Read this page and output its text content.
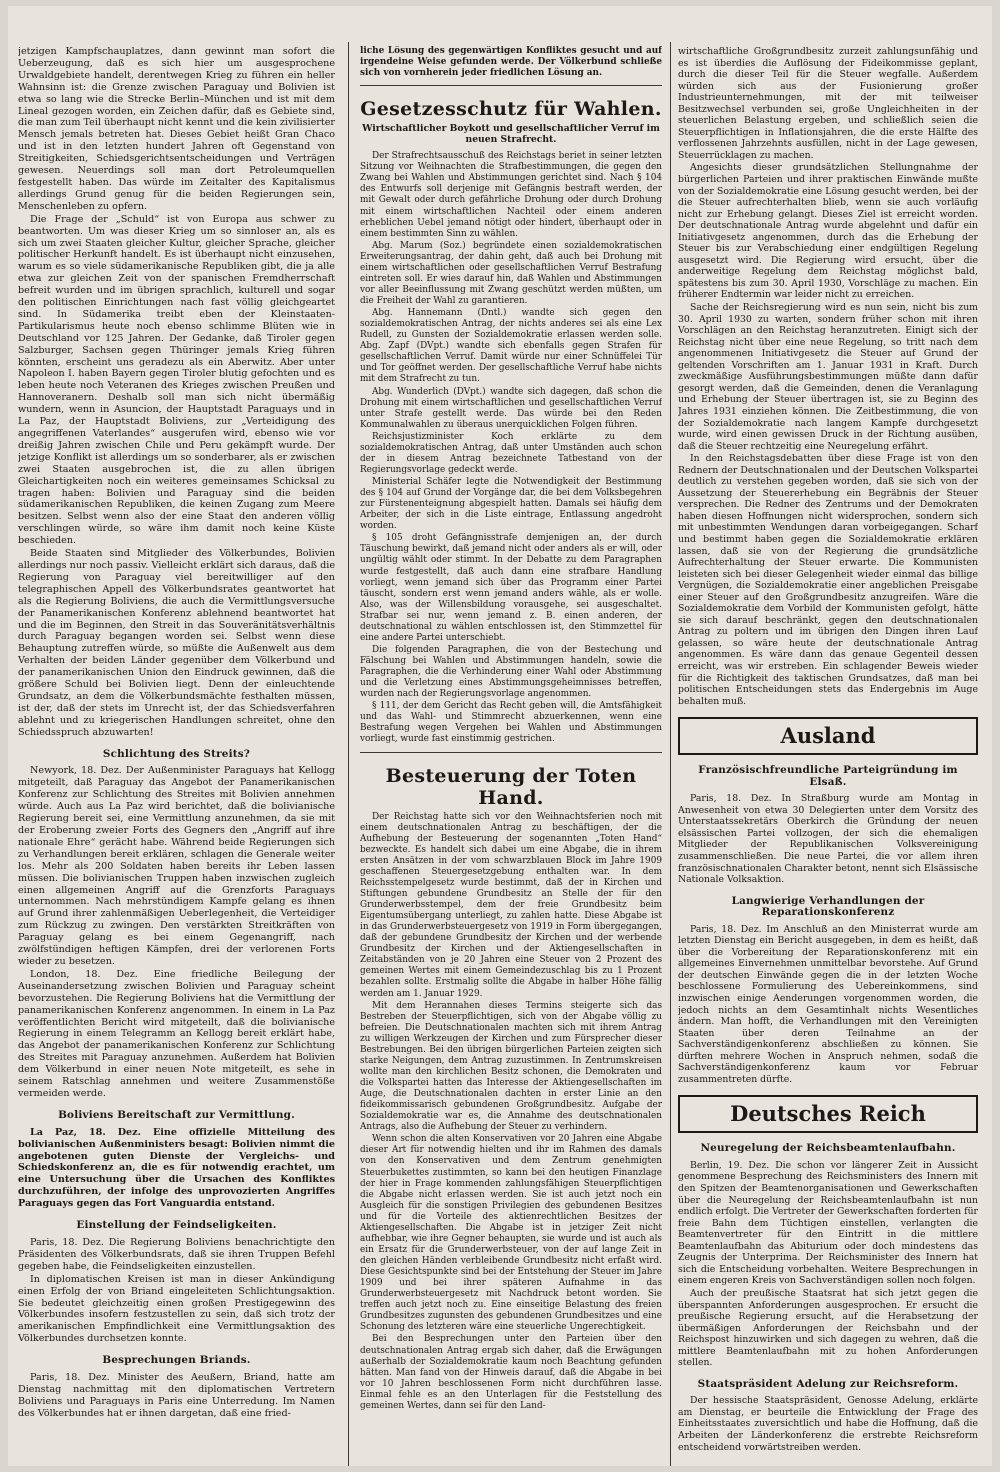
jetzigen Kampfschauplatzes, dann gewinnt man sofort die Ueberzeugung, daß es sich hier um ausgesprochene Urwaldgebiete handelt, derentwegen Krieg zu führen ein heller Wahnsinn ist: die Grenze zwischen Paraguay und Bolivien ist etwa so lang wie die Strecke Berlin–München und ist mit dem Lineal gezogen worden, ein Zeichen dafür, daß es Gebiete sind, die man zum Teil überhaupt nicht kennt und die kein zivilisierter Mensch jemals betreten hat. Dieses Gebiet heißt Gran Chaco und ist in den letzten hundert Jahren oft Gegenstand von Streitigkeiten, Schiedsgerichtsentscheidungen und Verträgen gewesen. Neuerdings soll man dort Petroleumquellen festgestellt haben. Das würde im Zeitalter des Kapitalismus allerdings Grund genug für die beiden Regierungen sein, Menschenleben zu opfern.

Die Frage der „Schuld“ ist von Europa aus schwer zu beantworten. Um was dieser Krieg um so sinnloser an, als es sich um zwei Staaten gleicher Kultur, gleicher Sprache, gleicher politischer Herkunft handelt. Es ist überhaupt nicht einzusehen, warum es so viele südamerikanische Republiken gibt, die ja alle etwa zur gleichen Zeit von der spanischen Fremdherrschaft befreit wurden und im übrigen sprachlich, kulturell und sogar den politischen Einrichtungen nach fast völlig gleichgeartet sind. In Südamerika treibt eben der Kleinstaaten-Partikularismus heute noch ebenso schlimme Blüten wie in Deutschland vor 125 Jahren. Der Gedanke, daß Tiroler gegen Salzburger, Sachsen gegen Thüringer jemals Krieg führen könnten, erscheint uns geradezu als ein Aberwitz. Aber unter Napoleon I. haben Bayern gegen Tiroler blutig gefochten und es leben heute noch Veteranen des Krieges zwischen Preußen und Hannoveranern. Deshalb soll man sich nicht übermäßig wundern, wenn in Asuncion, der Hauptstadt Paraguays und in La Paz, der Hauptstadt Boliviens, zur „Verteidigung des angegriffenen Vaterlandes“ ausgerufen wird, ebenso wie vor dreißig Jahren zwischen Chile und Peru gekämpft wurde. Der jetzige Konflikt ist allerdings um so sonderbarer, als er zwischen zwei Staaten ausgebrochen ist, die zu allen übrigen Gleichartigkeiten noch ein weiteres gemeinsames Schicksal zu tragen haben: Bolivien und Paraguay sind die beiden südamerikanischen Republiken, die keinen Zugang zum Meere besitzen. Selbst wenn also der eine Staat den anderen völlig verschlingen würde, so wäre ihm damit noch keine Küste beschieden.

Beide Staaten sind Mitglieder des Völkerbundes, Bolivien allerdings nur noch passiv. Vielleicht erklärt sich daraus, daß die Regierung von Paraguay viel bereitwilliger auf den telegraphischen Appell des Völkerbundsrates geantwortet hat als die Regierung Boliviens, die auch die Vermittlungsversuche der Panamerikanischen Konferenz ablehnend beantwortet hat und die im Beginnen, den Streit in das Souveränitätsverhältnis durch Paraguay begangen worden sei. Selbst wenn diese Behauptung zutreffen würde, so müßte die Außenwelt aus dem Verhalten der beiden Länder gegenüber dem Völkerbund und der panamerikanischen Union den Eindruck gewinnen, daß die größere Schuld bei Bolivien liegt. Denn der einleuchtende Grundsatz, an dem die Völkerbundsmächte festhalten müssen, ist der, daß der stets im Unrecht ist, der das Schiedsverfahren ablehnt und zu kriegerischen Handlungen schreitet, ohne den Schiedsspruch abzuwarten!

Schlichtung des Streits?

Newyork, 18. Dez. Der Außenminister Paraguays hat Kellogg mitgeteilt, daß Paraguay das Angebot der Panamerikanischen Konferenz zur Schlichtung des Streites mit Bolivien annehmen würde. Auch aus La Paz wird berichtet, daß die bolivianische Regierung bereit sei, eine Vermittlung anzunehmen, da sie mit der Eroberung zweier Forts des Gegners den „Angriff auf ihre nationale Ehre“ gerächt habe. Während beide Regierungen sich zu Verhandlungen bereit erklären, schlagen die Generale weiter los. Mehr als 200 Soldaten haben bereits ihr Leben lassen müssen. Die bolivianischen Truppen haben inzwischen zugleich einen allgemeinen Angriff auf die Grenzforts Paraguays unternommen. Nach mehrstündigem Kampfe gelang es ihnen auf Grund ihrer zahlenmäßigen Ueberlegenheit, die Verteidiger zum Rückzug zu zwingen. Den verstärkten Streitkräften von Paraguay gelang es bei einem Gegenangriff, nach zwölfstündigen heftigen Kämpfen, drei der verlorenen Forts wieder zu besetzen.

London, 18. Dez. Eine friedliche Beilegung der Auseinandersetzung zwischen Bolivien und Paraguay scheint bevorzustehen. Die Regierung Boliviens hat die Vermittlung der panamerikanischen Konferenz angenommen. In einem in La Paz veröffentlichten Bericht wird mitgeteilt, daß die bolivianische Regierung in einem Telegramm an Kellogg bereit erklärt habe, das Angebot der panamerikanischen Konferenz zur Schlichtung des Streites mit Paraguay anzunehmen. Außerdem hat Bolivien dem Völkerbund in einer neuen Note mitgeteilt, es sehe in seinem Ratschlag annehmen und weitere Zusammenstöße vermeiden werde.

Boliviens Bereitschaft zur Vermittlung.

La Paz, 18. Dez. Eine offizielle Mitteilung des bolivianischen Außenministers besagt: Bolivien nimmt die angebotenen guten Dienste der Vergleichs- und Schiedskonferenz an, die es für notwendig erachtet, um eine Untersuchung über die Ursachen des Konfliktes durchzuführen, der infolge des unprovozierten Angriffes Paraguays gegen das Fort Vanguardia entstand.

Einstellung der Feindseligkeiten.

Paris, 18. Dez. Die Regierung Boliviens benachrichtigte den Präsidenten des Völkerbundsrats, daß sie ihren Truppen Befehl gegeben habe, die Feindseligkeiten einzustellen.

In diplomatischen Kreisen ist man in dieser Ankündigung einen Erfolg der von Briand eingeleiteten Schlichtungsaktion. Sie bedeutet gleichzeitig einen großen Prestigegewinn des Völkerbundes insofern festzustellen zu sein, daß sich trotz der amerikanischen Empfindlichkeit eine Vermittlungsaktion des Völkerbundes durchsetzen konnte.

Besprechungen Briands.

Paris, 18. Dez. Minister des Aeußern, Briand, hatte am Dienstag nachmittag mit den diplomatischen Vertretern Boliviens und Paraguays in Paris eine Unterredung. Im Namen des Völkerbundes hat er ihnen dargetan, daß eine fried-

liche Lösung des gegenwärtigen Konfliktes gesucht und auf irgendeine Weise gefunden werde. Der Völkerbund schließe sich von vornherein jeder friedlichen Lösung an.

Gesetzesschutz für Wahlen.
Wirtschaftlicher Boykott und gesellschaftlicher Verruf im neuen Strafrecht.

Der Strafrechtsausschuß des Reichstags beriet in seiner letzten Sitzung vor Weihnachten die Strafbestimmungen, die gegen den Zwang bei Wahlen und Abstimmungen gerichtet sind. Nach § 104 des Entwurfs soll derjenige mit Gefängnis bestraft werden, der mit Gewalt oder durch gefährliche Drohung oder durch Drohung mit einem wirtschaftlichen Nachteil oder einem anderen erheblichen Uebel jemand nötigt oder hindert, überhaupt oder in einem bestimmten Sinn zu wählen.

Abg. Marum (Soz.) begründete einen sozialdemokratischen Erweiterungsantrag, der dahin geht, daß auch bei Drohung mit einem wirtschaftlichen oder gesellschaftlichen Verruf Bestrafung eintreten soll. Er wies darauf hin, daß Wahlen und Abstimmungen vor aller Beeinflussung mit Zwang geschützt werden müßten, um die Freiheit der Wahl zu garantieren.

Abg. Hannemann (Dntl.) wandte sich gegen den sozialdemokratischen Antrag, der nichts anderes sei als eine Lex Rudell, zu Gunsten der Sozialdemokratie erlassen werden solle. Abg. Zapf (DVpt.) wandte sich ebenfalls gegen Strafen für gesellschaftlichen Verruf. Damit würde nur einer Schnüffelei Tür und Tor geöffnet werden. Der gesellschaftliche Verruf habe nichts mit dem Strafrecht zu tun.

Abg. Wunderlich (DVpt.) wandte sich dagegen, daß schon die Drohung mit einem wirtschaftlichen und gesellschaftlichen Verruf unter Strafe gestellt werde. Das würde bei den Reden Kommunalwahlen zu überaus unerquicklichen Folgen führen.

Reichsjustizminister Koch erklärte zu dem sozialdemokratischen Antrag, daß unter Umständen auch schon der in diesem Antrag bezeichnete Tatbestand von der Regierungsvorlage gedeckt werde.

Ministerial Schäfer legte die Notwendigkeit der Bestimmung des § 104 auf Grund der Vorgänge dar, die bei dem Volksbegehren zur Fürstenenteignung abgespielt hatten. Damals sei häufig dem Arbeiter, der sich in die Liste eintrage, Entlassung angedroht worden.

§ 105 droht Gefängnisstrafe demjenigen an, der durch Täuschung bewirkt, daß jemand nicht oder anders als er will, oder ungültig wählt oder stimmt. In der Debatte zu dem Paragraphen wurde festgestellt, daß auch dann eine strafbare Handlung vorliegt, wenn jemand sich über das Programm einer Partei täuscht, sondern erst wenn jemand anders wähle, als er wolle. Also, was der Willensbildung vorausgehe, sei ausgeschaltet. Strafbar sei nur, wenn jemand z. B. einen anderen, der deutschnational zu wählen entschlossen ist, den Stimmzettel für eine andere Partei unterschiebt.

Die folgenden Paragraphen, die von der Bestechung und Fälschung bei Wahlen und Abstimmungen handeln, sowie die Paragraphen, die die Verhinderung einer Wahl oder Abstimmung und die Verletzung eines Abstimmungsgeheimnisses betreffen, wurden nach der Regierungsvorlage angenommen.

§ 111, der dem Gericht das Recht geben will, die Amtsfähigkeit und das Wahl- und Stimmrecht abzuerkennen, wenn eine Bestrafung wegen Vergehen bei Wahlen und Abstimmungen vorliegt, wurde fast einstimmig gestrichen.

Besteuerung der Toten Hand.

Der Reichstag hatte sich vor den Weihnachtsferien noch mit einem deutschnationalen Antrag zu beschäftigen, der die Aufhebung der Besteuerung der sogenannten „Toten Hand“ bezweckte. Es handelt sich dabei um eine Abgabe, die in ihrem ersten Ansätzen in der vom schwarzblauen Block im Jahre 1909 geschaffenen Steuergesetzgebung enthalten war. In dem Reichsstempelgesetz wurde bestimmt, daß der in Kirchen und Stiftungen gebundene Grundbesitz an Stelle der für den Grunderwerbsstempel, dem der freie Grundbesitz beim Eigentumsübergang unterliegt, zu zahlen hatte. Diese Abgabe ist in das Grunderwerbsteuergesetz von 1919 in Form übergegangen, daß der gebundene Grundbesitz der Kirchen und der werbende Grundbesitz der Kirchen und der Aktiengesellschaften in Zeitabständen von je 20 Jahren eine Steuer von 2 Prozent des gemeinen Wertes mit einem Gemeindezuschlag bis zu 1 Prozent bezahlen sollte. Erstmalig sollte die Abgabe in halber Höhe fällig werden am 1. Januar 1929.

Mit dem Herannahen dieses Termins steigerte sich das Bestreben der Steuerpflichtigen, sich von der Abgabe völlig zu befreien. Die Deutschnationalen machten sich mit ihrem Antrag zu willigen Werkzeugen der Kirchen und zum Fürsprecher dieser Bestrebungen. Bei den übrigen bürgerlichen Parteien zeigten sich starke Neigungen, dem Antrag zuzustimmen. In Zentrumskreisen wollte man den kirchlichen Besitz schonen, die Demokraten und die Volkspartei hatten das Interesse der Aktiengesellschaften im Auge, die Deutschnationalen dachten in erster Linie an den fideikommissarisch gebundenen Großgrundbesitz. Aufgabe der Sozialdemokratie war es, die Annahme des deutschnationalen Antrags, also die Aufhebung der Steuer zu verhindern.

Wenn schon die alten Konservativen vor 20 Jahren eine Abgabe dieser Art für notwendig hielten und ihr im Rahmen des damals von den Konservativen und dem Zentrum genehmigten Steuerbukettes zustimmten, so kann bei den heutigen Finanzlage der hier in Frage kommenden zahlungsfähigen Steuerpflichtigen die Abgabe nicht erlassen werden. Sie ist auch jetzt noch ein Ausgleich für die sonstigen Privilegien des gebundenen Besitzes und für die Vorteile des aktienrechtlichen Besitzes der Aktiengesellschaften. Die Abgabe ist in jetziger Zeit nicht aufhebbar, wie ihre Gegner behaupten, sie wurde und ist auch als ein Ersatz für die Grunderwerbsteuer, von der auf lange Zeit in den gleichen Händen verbleibende Grundbesitz nicht erfaßt wird. Diese Gesichtspunkte sind bei der Entstehung der Steuer im Jahre 1909 und bei ihrer späteren Aufnahme in das Grunderwerbsteuergesetz mit Nachdruck betont worden. Sie treffen auch jetzt noch zu. Eine einseitige Belastung des freien Grundbesitzes zugunsten des gebundenen Grundbesitzes und eine Schonung des letzteren wäre eine steuerliche Ungerechtigkeit.

Bei den Besprechungen unter den Parteien über den deutschnationalen Antrag ergab sich daher, daß die Erwägungen außerhalb der Sozialdemokratie kaum noch Beachtung gefunden hätten. Man fand von der Hinweis darauf, daß die Abgabe in bei vor 10 Jahren beschlossenen Form nicht durchführen lasse. Einmal fehle es an den Unterlagen für die Feststellung des gemeinen Wertes, dann sei für den Land-

wirtschaftliche Großgrundbesitz zurzeit zahlungsunfähig und es ist überdies die Auflösung der Fideikommisse geplant, durch die dieser Teil für die Steuer wegfalle. Außerdem würden sich aus der Fusionierung großer Industrieunternehmungen, mit der mit teilweiser Besitzwechsel verbunden sei, große Ungleichheiten in der steuerlichen Belastung ergeben, und schließlich seien die Steuerpflichtigen in Inflationsjahren, die die erste Hälfte des verflossenen Jahrzehnts ausfüllen, nicht in der Lage gewesen, Steuerrücklagen zu machen.

Angesichts dieser grundsätzlichen Stellungnahme der bürgerlichen Parteien und ihrer praktischen Einwände mußte von der Sozialdemokratie eine Lösung gesucht werden, bei der die Steuer aufrechterhalten blieb, wenn sie auch vorläufig nicht zur Erhebung gelangt. Dieses Ziel ist erreicht worden. Der deutschnationale Antrag wurde abgelehnt und dafür ein Initiativgesetz angenommen, durch das die Erhebung der Steuer bis zur Verabschiedung einer endgültigen Regelung ausgesetzt wird. Die Regierung wird ersucht, über die anderweitige Regelung dem Reichstag möglichst bald, spätestens bis zum 30. April 1930, Vorschläge zu machen. Ein früherer Endtermin war leider nicht zu erreichen.

Sache der Reichsregierung wird es nun sein, nicht bis zum 30. April 1930 zu warten, sondern früher schon mit ihren Vorschlägen an den Reichstag heranzutreten. Einigt sich der Reichstag nicht über eine neue Regelung, so tritt nach dem angenommenen Initiativgesetz die Steuer auf Grund der geltenden Vorschriften am 1. Januar 1931 in Kraft. Durch zweckmäßige Ausführungsbestimmungen müßte dann dafür gesorgt werden, daß die Gemeinden, denen die Veranlagung und Erhebung der Steuer übertragen ist, sie zu Beginn des Jahres 1931 einziehen können. Die Zeitbestimmung, die von der Sozialdemokratie nach langem Kampfe durchgesetzt wurde, wird einen gewissen Druck in der Richtung ausüben, daß die Steuer rechtzeitig eine Neuregelung erfährt.

In den Reichstagsdebatten über diese Frage ist von den Rednern der Deutschnationalen und der Deutschen Volkspartei deutlich zu verstehen gegeben worden, daß sie sich von der Aussetzung der Steuererhebung ein Begräbnis der Steuer versprechen. Die Redner des Zentrums und der Demokraten haben diesen Hoffnungen nicht widersprochen, sondern sich mit unbestimmten Wendungen daran vorbeigegangen. Scharf und bestimmt haben gegen die Sozialdemokratie erklären lassen, daß sie von der Regierung die grundsätzliche Aufrechterhaltung der Steuer erwarte. Die Kommunisten leisteten sich bei dieser Gelegenheit wieder einmal das billige Vergnügen, die Sozialdemokratie einer angeblichen Preisgabe einer Steuer auf den Großgrundbesitz anzugreifen. Wäre die Sozialdemokratie dem Vorbild der Kommunisten gefolgt, hätte sie sich darauf beschränkt, gegen den deutschnationalen Antrag zu poltern und im übrigen den Dingen ihren Lauf gelassen, so wäre heute der deutschnationale Antrag angenommen. Es wäre dann das genaue Gegenteil dessen erreicht, was wir erstreben. Ein schlagender Beweis wieder für die Richtigkeit des taktischen Grundsatzes, daß man bei politischen Entscheidungen stets das Endergebnis im Auge behalten muß.

Ausland
Französischfreundliche Parteigründung im Elsaß.

Paris, 18. Dez. In Straßburg wurde am Montag in Anwesenheit von etwa 30 Delegierten unter dem Vorsitz des Unterstaatssekretärs Oberkirch die Gründung der neuen elsässischen Partei vollzogen, der sich die ehemaligen Mitglieder der Republikanischen Volksvereinigung zusammenschließen. Die neue Partei, die vor allem ihren französischnationalen Charakter betont, nennt sich Elsässische Nationale Volksaktion.

Langwierige Verhandlungen der Reparationskonferenz

Paris, 18. Dez. Im Anschluß an den Ministerrat wurde am letzten Dienstag ein Bericht ausgegeben, in dem es heißt, daß über die Vorbereitung der Reparationskonferenz mit ein allgemeines Einvernehmen unmittelbar bevorstehe. Auf Grund der deutschen Einwände gegen die in der letzten Woche beschlossene Formulierung des Uebereinkommens, sind inzwischen einige Aenderungen vorgenommen worden, die jedoch nichts an dem Gesamtinhalt nichts Wesentliches ändern. Man hofft, die Verhandlungen mit den Vereinigten Staaten über deren Teilnahme an der Sachverständigenkonferenz abschließen zu können. Sie dürften mehrere Wochen in Anspruch nehmen, sodaß die Sachverständigenkonferenz kaum vor Februar zusammentreten dürfte.

Deutsches Reich
Neuregelung der Reichsbeamtenlaufbahn.

Berlin, 19. Dez. Die schon vor längerer Zeit in Aussicht genommene Besprechung des Reichsministers des Innern mit den Spitzen der Beamtenorganisationen und Gewerkschaften über die Neuregelung der Reichsbeamtenlaufbahn ist nun endlich erfolgt. Die Vertreter der Gewerkschaften forderten für freie Bahn dem Tüchtigen einstellen, verlangten die Beamtenvertreter für den Eintritt in die mittlere Beamtenlaufbahn das Abiturium oder doch mindestens das Zeugnis der Unterprima. Der Reichsminister des Innern hat sich die Entscheidung vorbehalten. Weitere Besprechungen in einem engeren Kreis von Sachverständigen sollen noch folgen.

Auch der preußische Staatsrat hat sich jetzt gegen die überspannten Anforderungen ausgesprochen. Er ersucht die preußische Regierung ersucht, auf die Herabsetzung der übermäßigen Anforderungen der Reichsbahn und der Reichspost hinzuwirken und sich dagegen zu wehren, daß die mittlere Beamtenlaufbahn mit zu hohen Anforderungen stellen.

Staatspräsident Adelung zur Reichsreform.

Der hessische Staatspräsident, Genosse Adelung, erklärte am Dienstag, er beurteile die Entwicklung der Frage des Einheitsstaates zuversichtlich und habe die Hoffnung, daß die Arbeiten der Länderkonferenz die erstrebte Reichsreform entscheidend vorwärtstreiben werden.
